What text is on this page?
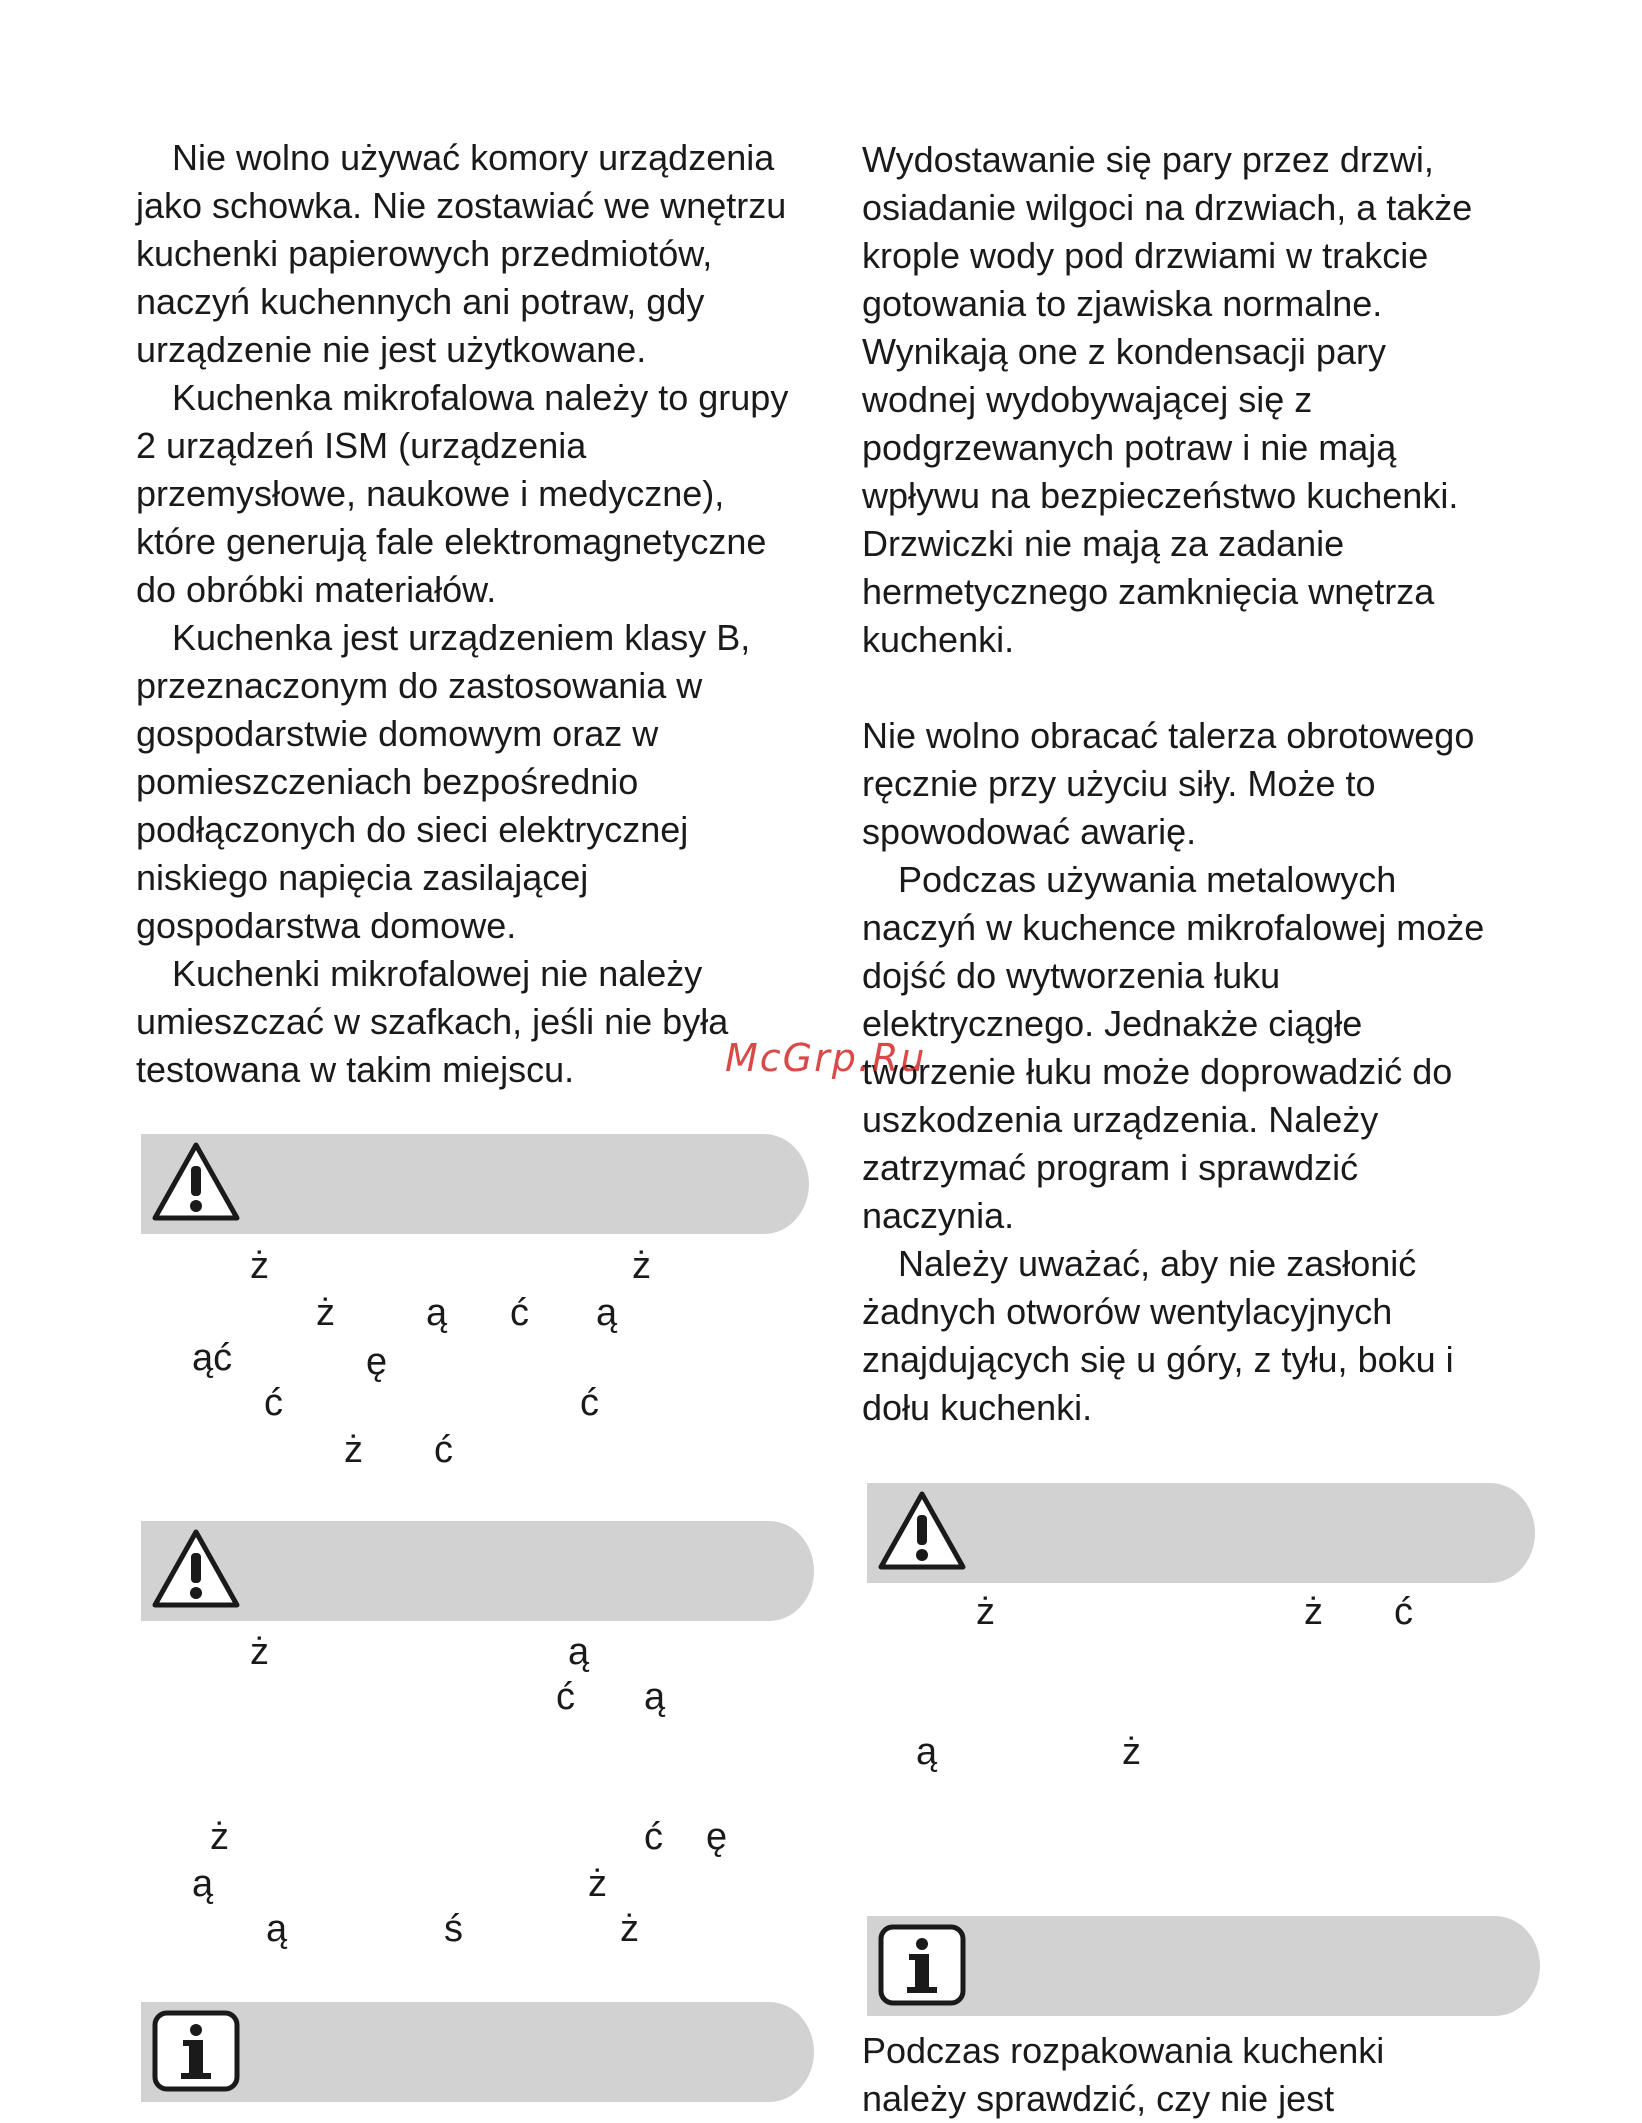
Nie wolno używać komory urządzenia
jako schowka. Nie zostawiać we wnętrzu
kuchenki papierowych przedmiotów,
naczyń kuchennych ani potraw, gdy
urządzenie nie jest użytkowane.

Kuchenka mikrofalowa należy to grupy
2 urządzeń ISM (urządzenia
przemysłowe, naukowe i medyczne),
które generują fale elektromagnetyczne
do obróbki materiałów.

Kuchenka jest urządzeniem klasy B,
przeznaczonym do zastosowania w
gospodarstwie domowym oraz w
pomieszczeniach bezpośrednio
podłączonych do sieci elektrycznej
niskiego napięcia zasilającej
gospodarstwa domowe.

Kuchenki mikrofalowej nie należy
umieszczać w szafkach, jeśli nie była
testowana w takim miejscu.

ż	ż
ż ą ć ą
ąć	ę
ć	ć
ż ć
ż	ą
ć ą
ż	ć ę
ą	ż
ą	ś	ż

Wydostawanie się pary przez drzwi,
osiadanie wilgoci na drzwiach, a także
krople wody pod drzwiami w trakcie
gotowania to zjawiska normalne.
Wynikają one z kondensacji pary
wodnej wydobywającej się z
podgrzewanych potraw i nie mają
wpływu na bezpieczeństwo kuchenki.
Drzwiczki nie mają za zadanie
hermetycznego zamknięcia wnętrza
kuchenki.

Nie wolno obracać talerza obrotowego
ręcznie przy użyciu siły. Może to
spowodować awarię.

Podczas używania metalowych
naczyń w kuchence mikrofalowej może
dojść do wytworzenia łuku
elektrycznego. Jednakże ciągłe
tworzenie łuku może doprowadzić do
uszkodzenia urządzenia. Należy
zatrzymać program i sprawdzić
naczynia.

Należy uważać, aby nie zasłonić
żadnych otworów wentylacyjnych
znajdujących się u góry, z tyłu, boku i
dołu kuchenki.

ż	ż ć
ą	ż

Podczas rozpakowania kuchenki
należy sprawdzić, czy nie jest

McGrp.Ru
